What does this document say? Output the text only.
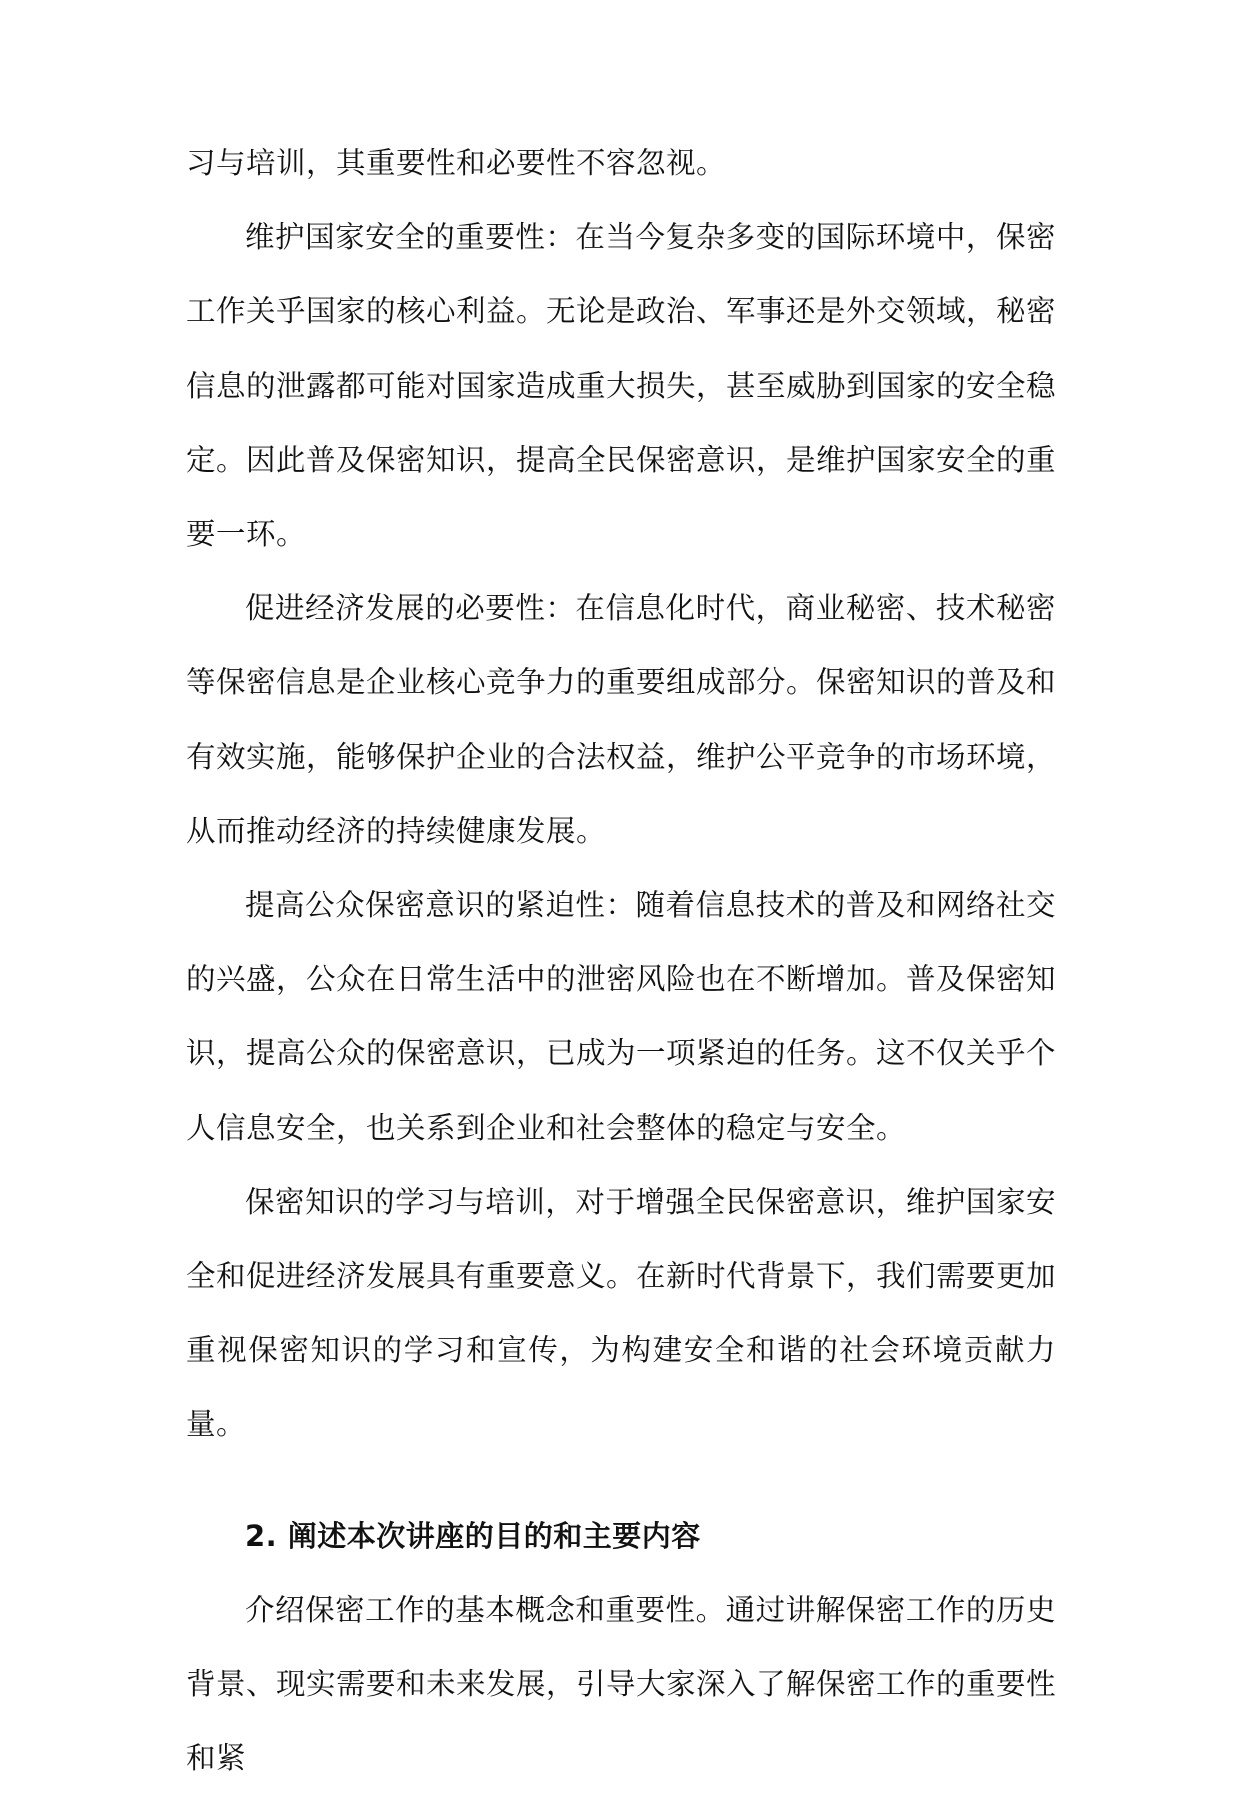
习与培训，其重要性和必要性不容忽视。

维护国家安全的重要性：在当今复杂多变的国际环境中，保密工作关乎国家的核心利益。无论是政治、军事还是外交领域，秘密信息的泄露都可能对国家造成重大损失，甚至威胁到国家的安全稳定。因此普及保密知识，提高全民保密意识，是维护国家安全的重要一环。

促进经济发展的必要性：在信息化时代，商业秘密、技术秘密等保密信息是企业核心竞争力的重要组成部分。保密知识的普及和有效实施，能够保护企业的合法权益，维护公平竞争的市场环境，从而推动经济的持续健康发展。

提高公众保密意识的紧迫性：随着信息技术的普及和网络社交的兴盛，公众在日常生活中的泄密风险也在不断增加。普及保密知识，提高公众的保密意识，已成为一项紧迫的任务。这不仅关乎个人信息安全，也关系到企业和社会整体的稳定与安全。

保密知识的学习与培训，对于增强全民保密意识，维护国家安全和促进经济发展具有重要意义。在新时代背景下，我们需要更加重视保密知识的学习和宣传，为构建安全和谐的社会环境贡献力量。

2. 阐述本次讲座的目的和主要内容

介绍保密工作的基本概念和重要性。通过讲解保密工作的历史背景、现实需要和未来发展，引导大家深入了解保密工作的重要性和紧
